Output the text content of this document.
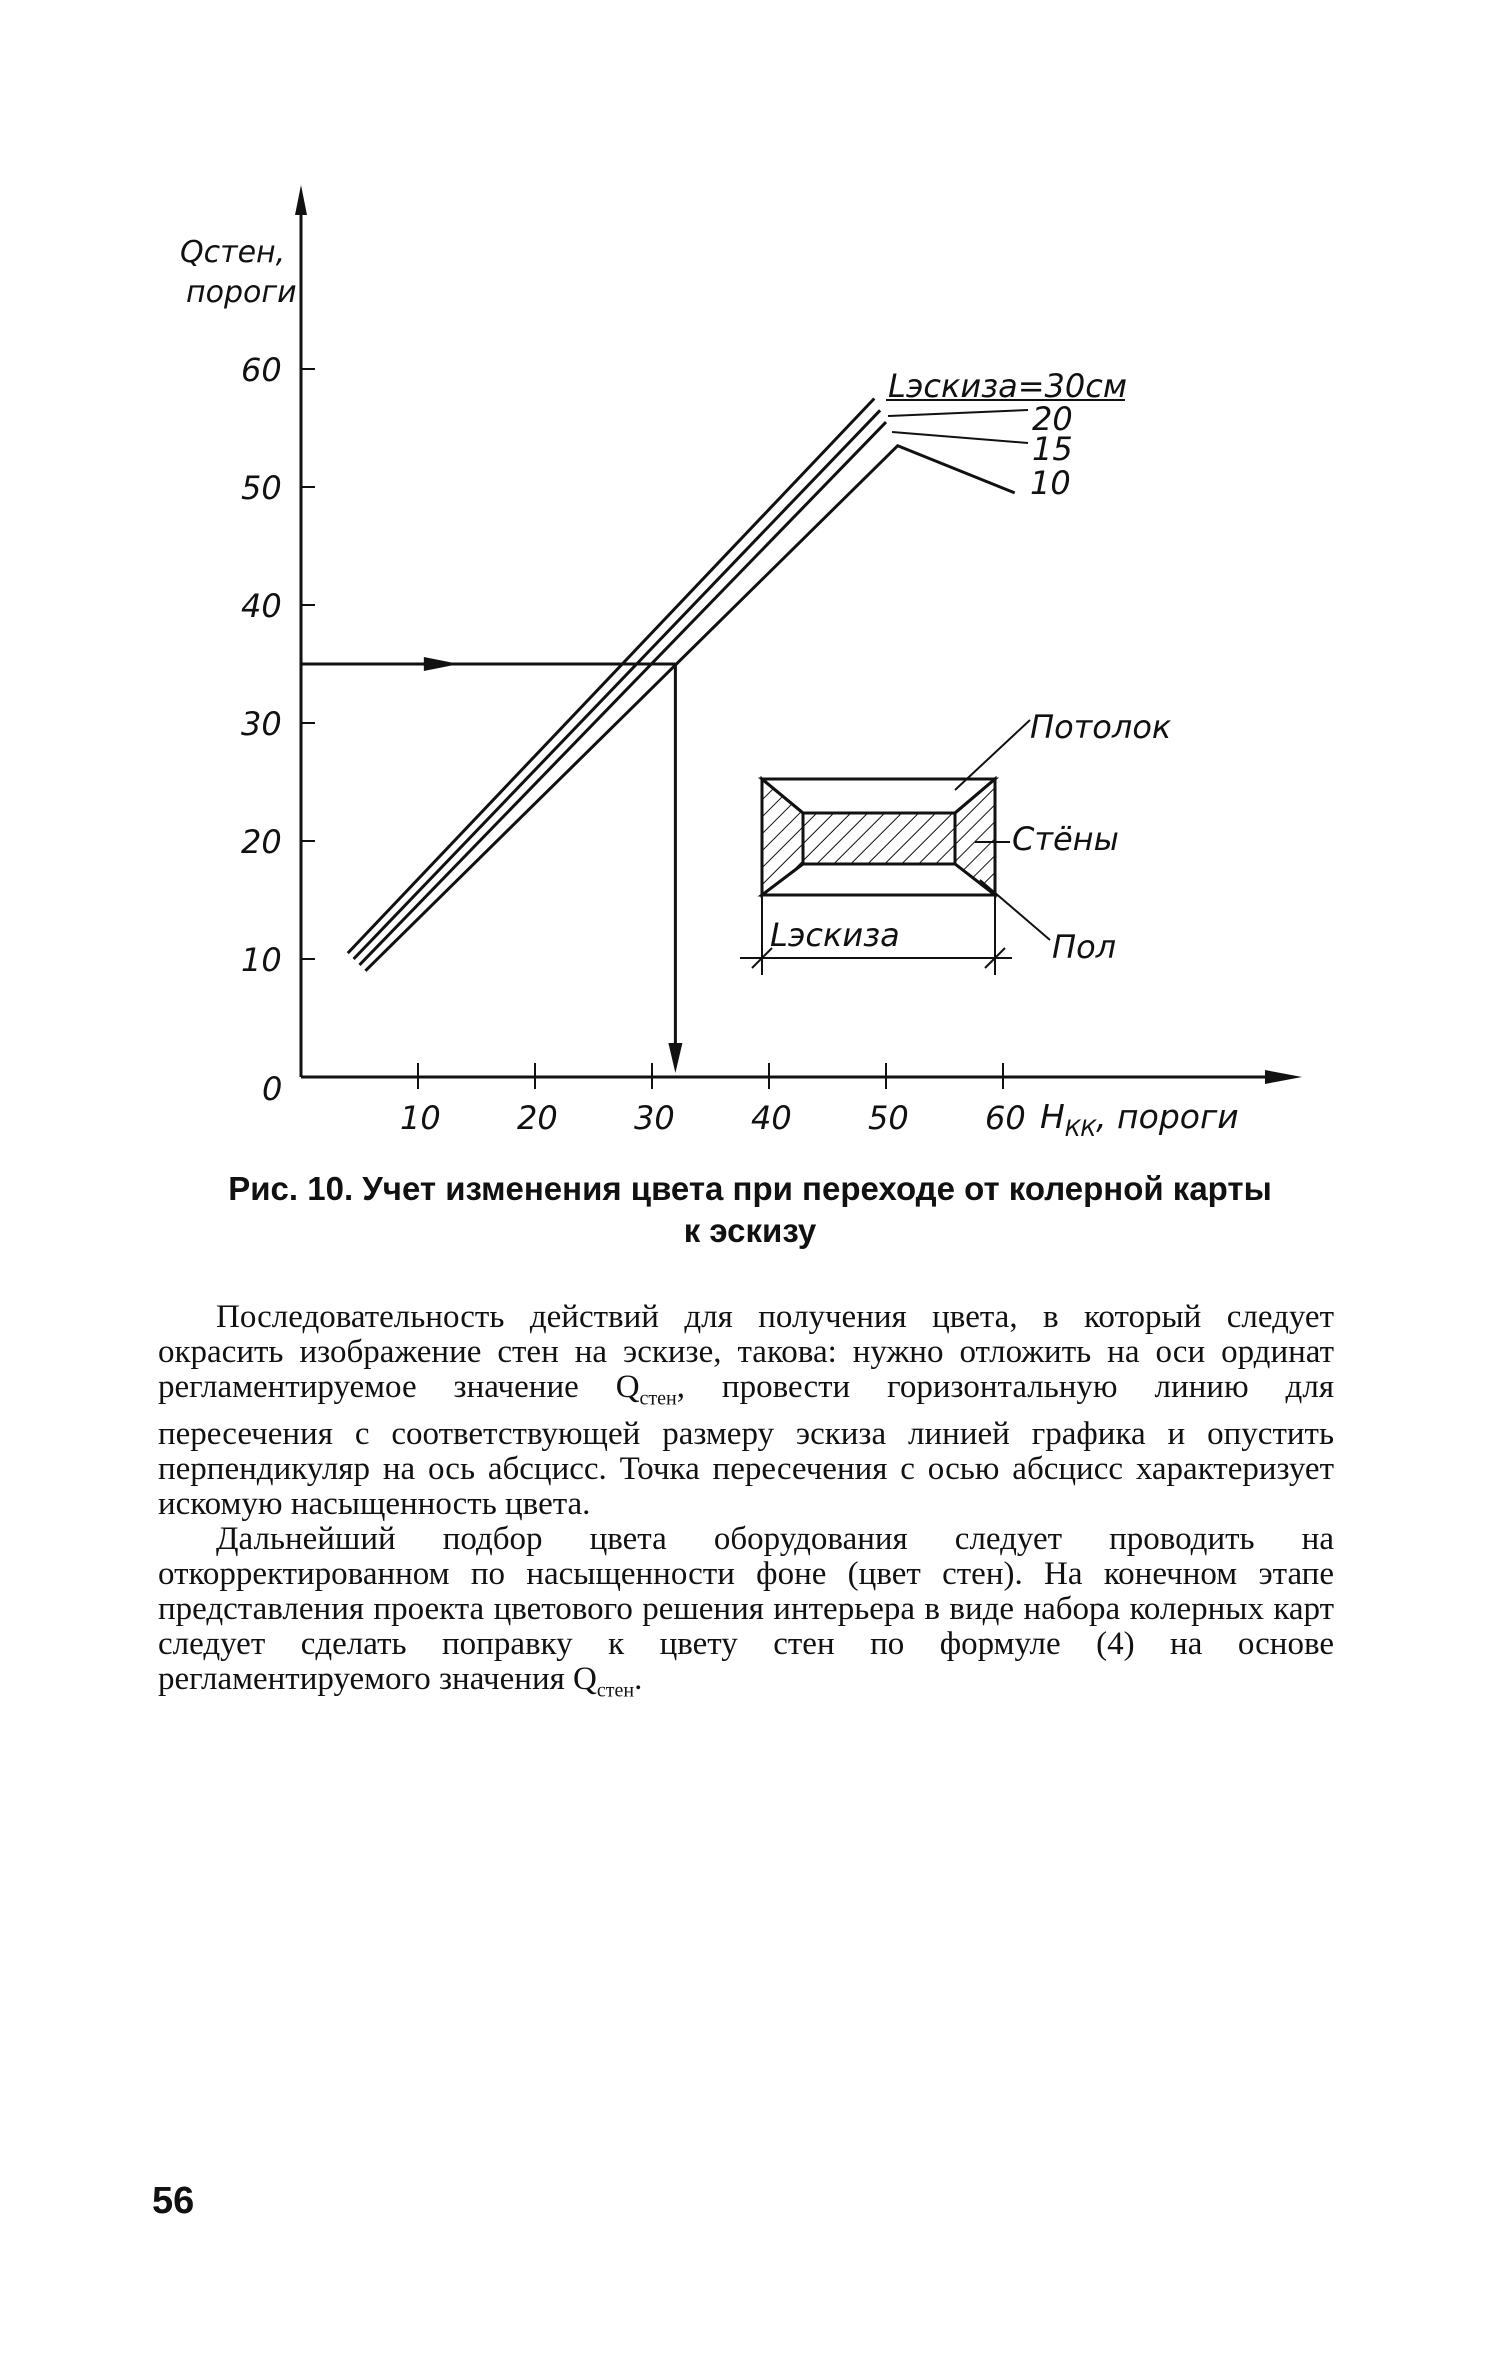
Qстен,
пороги
0
$H_{КК}$, пороги
10 20 30 40 50 60
10
20
30
40
50
60	Lэскиза=30см
20
15
10
Lэскиза
Потолок
Стёны
Пол
Рис. 10. Учет изменения цвета при переходе от колерной карты
к эскизу

Последовательность действий для получения цвета, в который следует окрасить изображение стен на эскизе, такова: нужно отложить на оси ординат регламентируемое значение $Q_{стен}$, провести горизонтальную линию для пересечения с соответствующей размеру эскиза линией графика и опустить перпендикуляр на ось абсцисс. Точка пересечения с осью абсцисс характеризует искомую насыщенность цвета.

Дальнейший подбор цвета оборудования следует проводить на откорректированном по насыщенности фоне (цвет стен). На конечном этапе представления проекта цветового решения интерьера в виде набора колерных карт следует сделать поправку к цвету стен по формуле (4) на основе регламентируемого значения $Q_{стен}$.

56
